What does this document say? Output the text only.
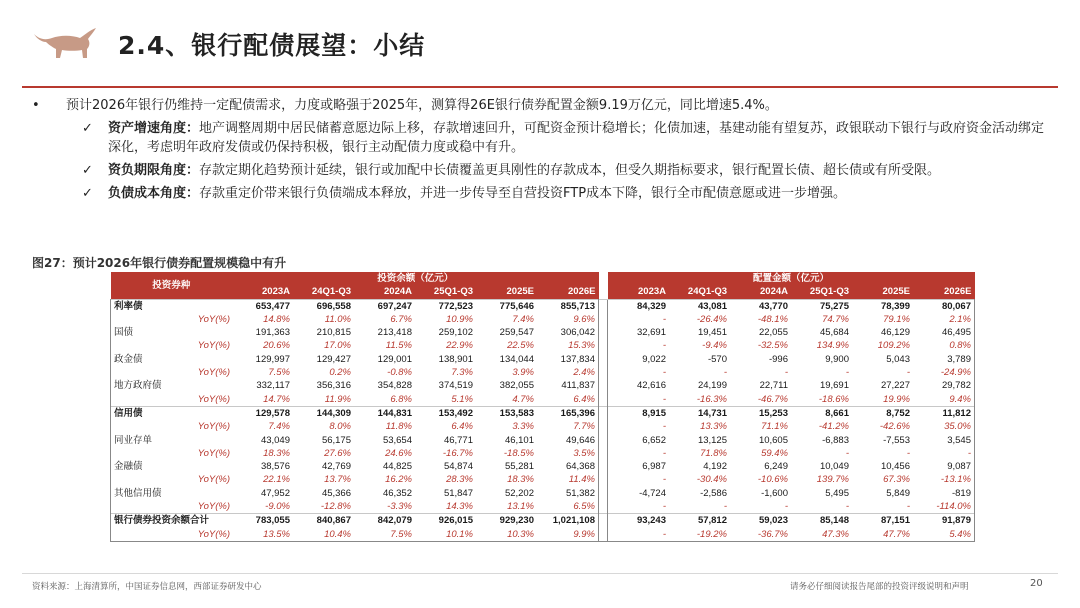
2.4、银行配债展望：小结
•	预计2026年银行仍维持一定配债需求，力度或略强于2025年，测算得26E银行债券配置金额9.19万亿元，同比增速5.4%。
✓	资产增速角度：地产调整周期中居民储蓄意愿边际上移，存款增速回升，可配资金预计稳增长；化债加速，基建动能有望复苏，政银联动下银行与政府资金活动绑定深化，考虑明年政府发债或仍保持积极，银行主动配债力度或稳中有升。
✓	资负期限角度：存款定期化趋势预计延续，银行或加配中长债覆盖更具刚性的存款成本，但受久期指标要求，银行配置长债、超长债或有所受限。
✓	负债成本角度：存款重定价带来银行负债端成本释放，并进一步传导至自营投资FTP成本下降，银行全市配债意愿或进一步增强。
图27：预计2026年银行债券配置规模稳中有升
投资券种	投资余额（亿元）							配置金额（亿元）					
	2023A	24Q1-Q3	2024A	25Q1-Q3	2025E	2026E		2023A	24Q1-Q3	2024A	25Q1-Q3	2025E	2026E
利率债	653,477	696,558	697,247	772,523	775,646	855,713		84,329	43,081	43,770	75,275	78,399	80,067
YoY(%)	14.8%	11.0%	6.7%	10.9%	7.4%	9.6%		-	-26.4%	-48.1%	74.7%	79.1%	2.1%
国债	191,363	210,815	213,418	259,102	259,547	306,042		32,691	19,451	22,055	45,684	46,129	46,495
YoY(%)	20.6%	17.0%	11.5%	22.9%	22.5%	15.3%		-	-9.4%	-32.5%	134.9%	109.2%	0.8%
政金债	129,997	129,427	129,001	138,901	134,044	137,834		9,022	-570	-996	9,900	5,043	3,789
YoY(%)	7.5%	0.2%	-0.8%	7.3%	3.9%	2.4%		-	-	-	-	-	-24.9%
地方政府债	332,117	356,316	354,828	374,519	382,055	411,837		42,616	24,199	22,711	19,691	27,227	29,782
YoY(%)	14.7%	11.9%	6.8%	5.1%	4.7%	6.4%		-	-16.3%	-46.7%	-18.6%	19.9%	9.4%
信用债	129,578	144,309	144,831	153,492	153,583	165,396		8,915	14,731	15,253	8,661	8,752	11,812
YoY(%)	7.4%	8.0%	11.8%	6.4%	3.3%	7.7%		-	13.3%	71.1%	-41.2%	-42.6%	35.0%
同业存单	43,049	56,175	53,654	46,771	46,101	49,646		6,652	13,125	10,605	-6,883	-7,553	3,545
YoY(%)	18.3%	27.6%	24.6%	-16.7%	-18.5%	3.5%		-	71.8%	59.4%	-	-	-
金融债	38,576	42,769	44,825	54,874	55,281	64,368		6,987	4,192	6,249	10,049	10,456	9,087
YoY(%)	22.1%	13.7%	16.2%	28.3%	18.3%	11.4%		-	-30.4%	-10.6%	139.7%	67.3%	-13.1%
其他信用债	47,952	45,366	46,352	51,847	52,202	51,382		-4,724	-2,586	-1,600	5,495	5,849	-819
YoY(%)	-9.0%	-12.8%	-3.3%	14.3%	13.1%	6.5%		-	-	-	-	-	-114.0%
银行债券投资余额合计	783,055	840,867	842,079	926,015	929,230	1,021,108		93,243	57,812	59,023	85,148	87,151	91,879
YoY(%)	13.5%	10.4%	7.5%	10.1%	10.3%	9.9%		-	-19.2%	-36.7%	47.3%	47.7%	5.4%
资料来源：上海清算所，中国证券信息网，西部证券研发中心	请务必仔细阅读报告尾部的投资评级说明和声明	20
